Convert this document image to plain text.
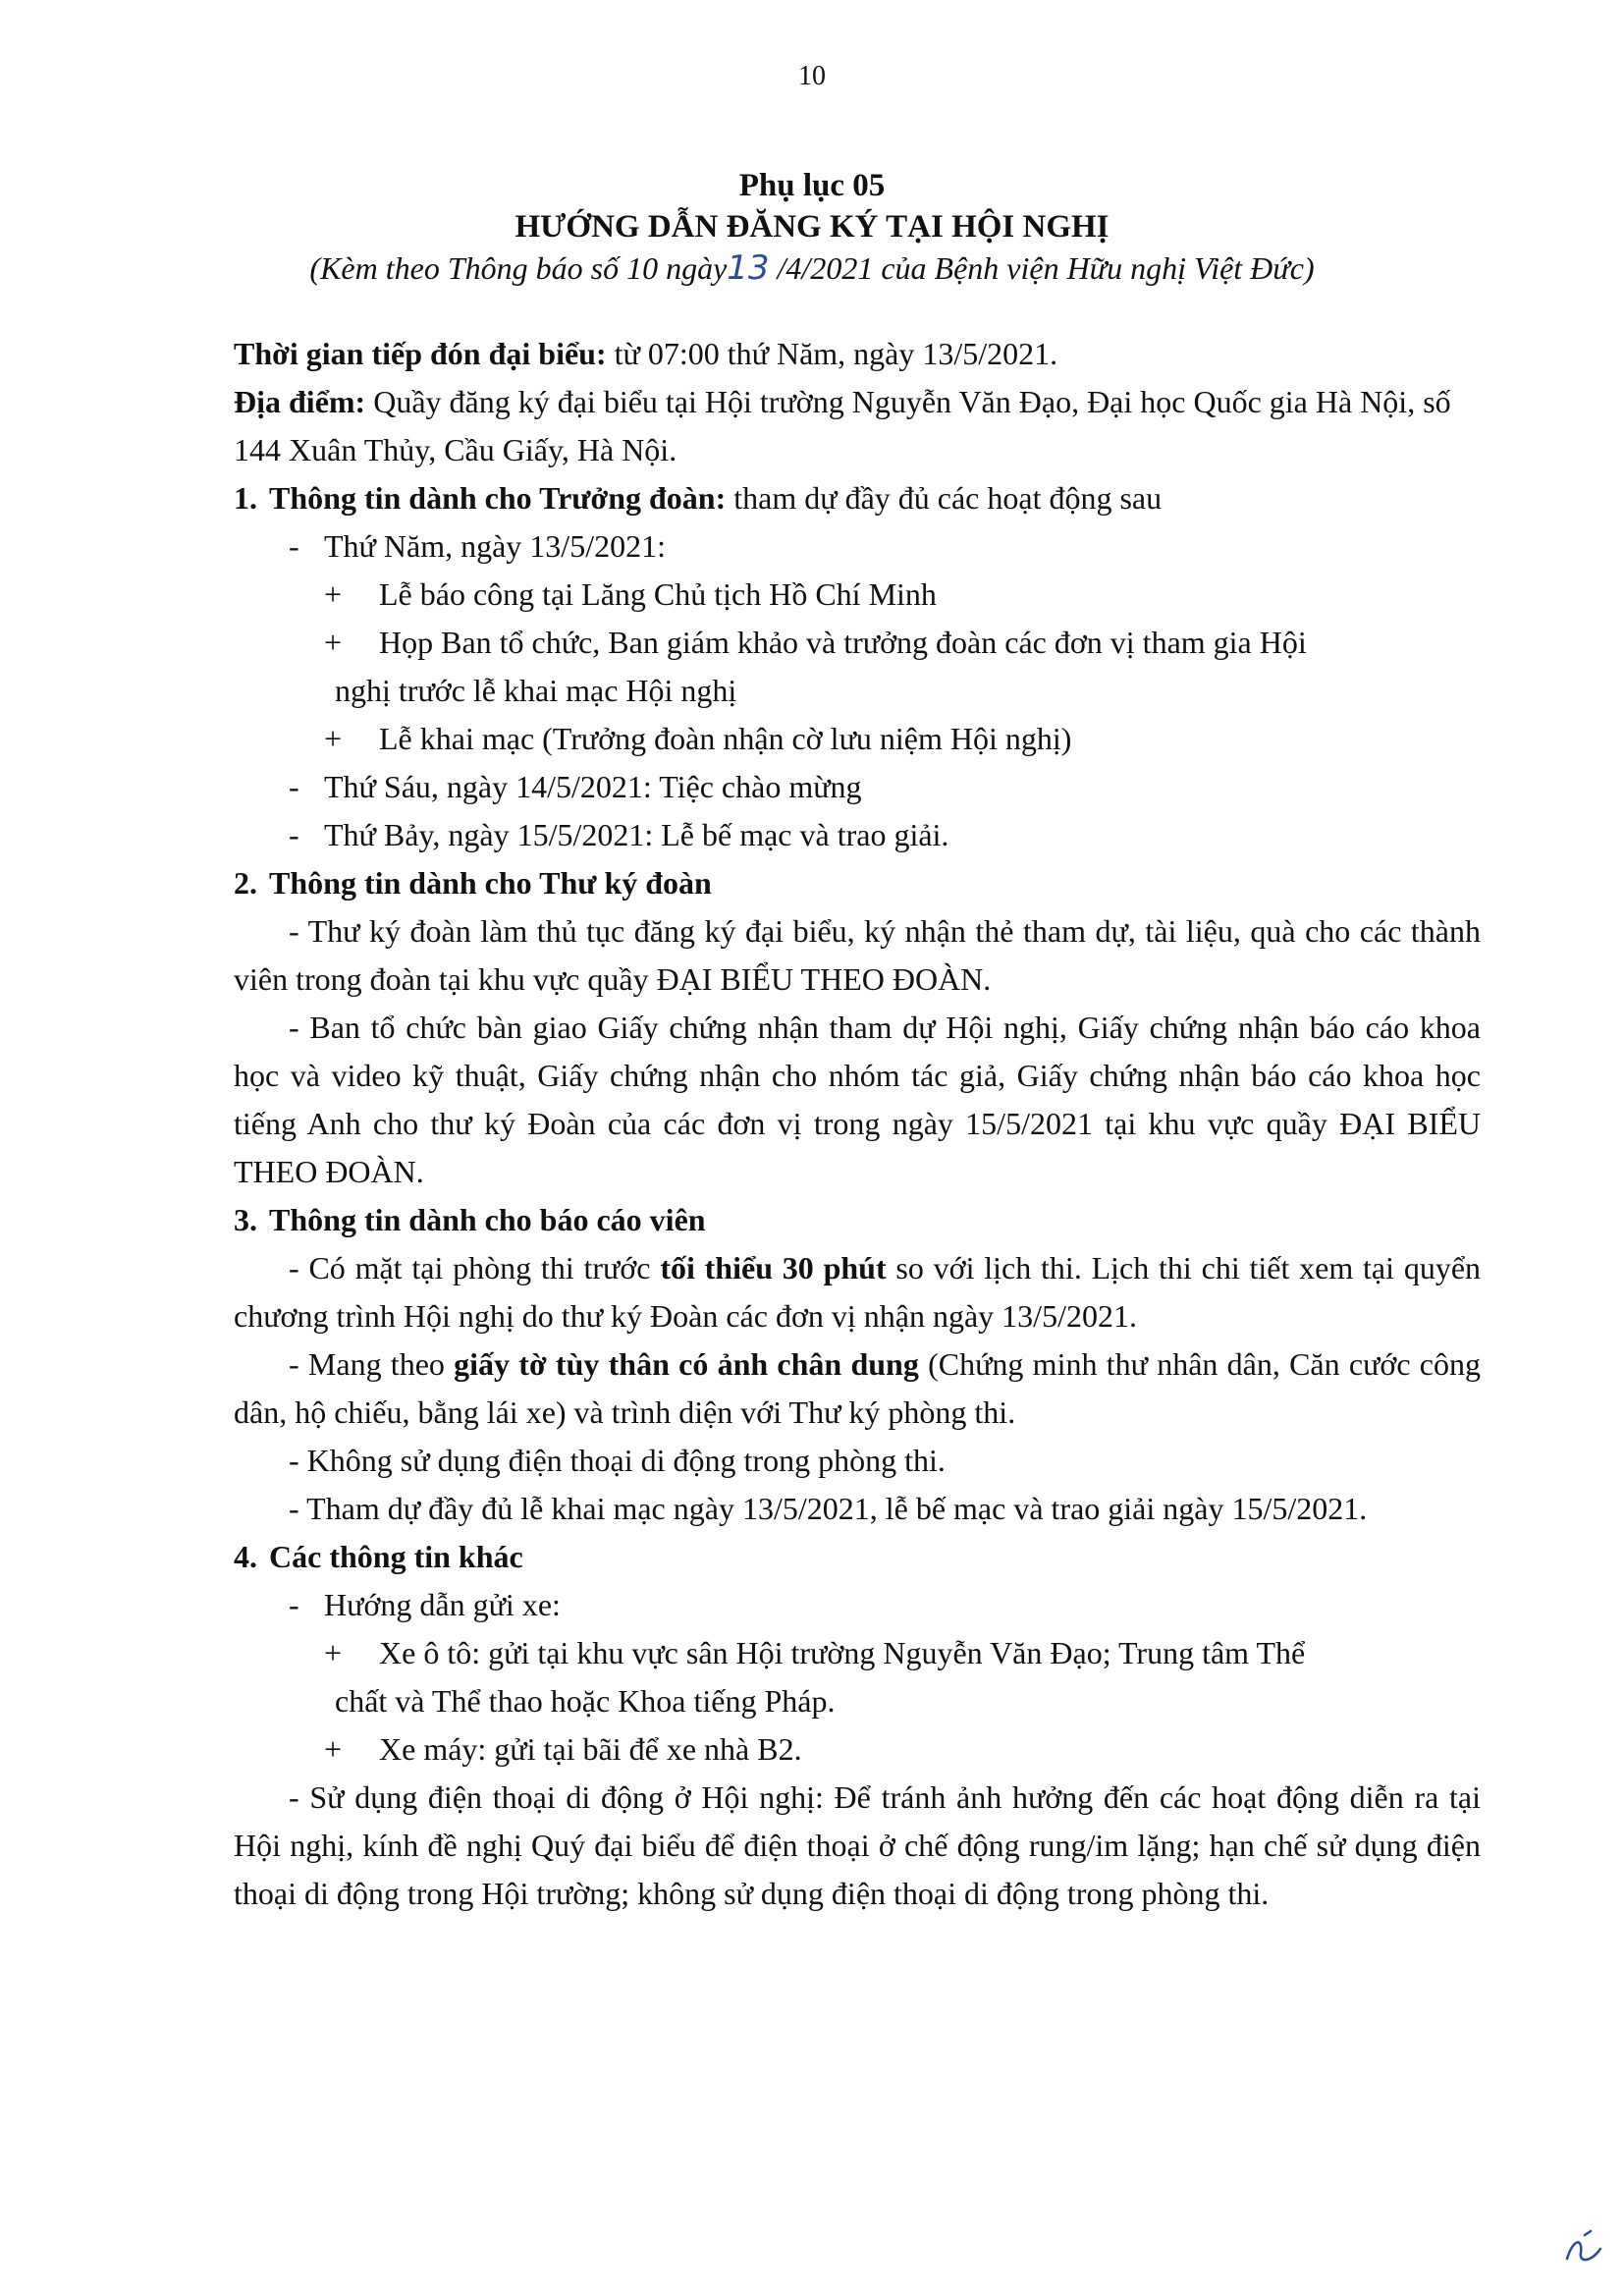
10
Phụ lục 05
HƯỚNG DẪN ĐĂNG KÝ TẠI HỘI NGHỊ
(Kèm theo Thông báo số 10 ngày13 /4/2021 của Bệnh viện Hữu nghị Việt Đức)

Thời gian tiếp đón đại biểu: từ 07:00 thứ Năm, ngày 13/5/2021.

Địa điểm: Quầy đăng ký đại biểu tại Hội trường Nguyễn Văn Đạo, Đại học Quốc gia Hà Nội, số 144 Xuân Thủy, Cầu Giấy, Hà Nội.

1. Thông tin dành cho Trưởng đoàn: tham dự đầy đủ các hoạt động sau

- Thứ Năm, ngày 13/5/2021:

+ Lễ báo công tại Lăng Chủ tịch Hồ Chí Minh

+ Họp Ban tổ chức, Ban giám khảo và trưởng đoàn các đơn vị tham gia Hội

nghị trước lễ khai mạc Hội nghị

+ Lễ khai mạc (Trưởng đoàn nhận cờ lưu niệm Hội nghị)

- Thứ Sáu, ngày 14/5/2021: Tiệc chào mừng

- Thứ Bảy, ngày 15/5/2021: Lễ bế mạc và trao giải.

2. Thông tin dành cho Thư ký đoàn

- Thư ký đoàn làm thủ tục đăng ký đại biểu, ký nhận thẻ tham dự, tài liệu, quà cho các thành viên trong đoàn tại khu vực quầy ĐẠI BIỂU THEO ĐOÀN.

- Ban tổ chức bàn giao Giấy chứng nhận tham dự Hội nghị, Giấy chứng nhận báo cáo khoa học và video kỹ thuật, Giấy chứng nhận cho nhóm tác giả, Giấy chứng nhận báo cáo khoa học tiếng Anh cho thư ký Đoàn của các đơn vị trong ngày 15/5/2021 tại khu vực quầy ĐẠI BIỂU THEO ĐOÀN.

3. Thông tin dành cho báo cáo viên

- Có mặt tại phòng thi trước tối thiểu 30 phút so với lịch thi. Lịch thi chi tiết xem tại quyển chương trình Hội nghị do thư ký Đoàn các đơn vị nhận ngày 13/5/2021.

- Mang theo giấy tờ tùy thân có ảnh chân dung (Chứng minh thư nhân dân, Căn cước công dân, hộ chiếu, bằng lái xe) và trình diện với Thư ký phòng thi.

- Không sử dụng điện thoại di động trong phòng thi.

- Tham dự đầy đủ lễ khai mạc ngày 13/5/2021, lễ bế mạc và trao giải ngày 15/5/2021.

4. Các thông tin khác

- Hướng dẫn gửi xe:

+ Xe ô tô: gửi tại khu vực sân Hội trường Nguyễn Văn Đạo; Trung tâm Thể

chất và Thể thao hoặc Khoa tiếng Pháp.

+ Xe máy: gửi tại bãi để xe nhà B2.

- Sử dụng điện thoại di động ở Hội nghị: Để tránh ảnh hưởng đến các hoạt động diễn ra tại Hội nghị, kính đề nghị Quý đại biểu để điện thoại ở chế động rung/im lặng; hạn chế sử dụng điện thoại di động trong Hội trường; không sử dụng điện thoại di động trong phòng thi.
